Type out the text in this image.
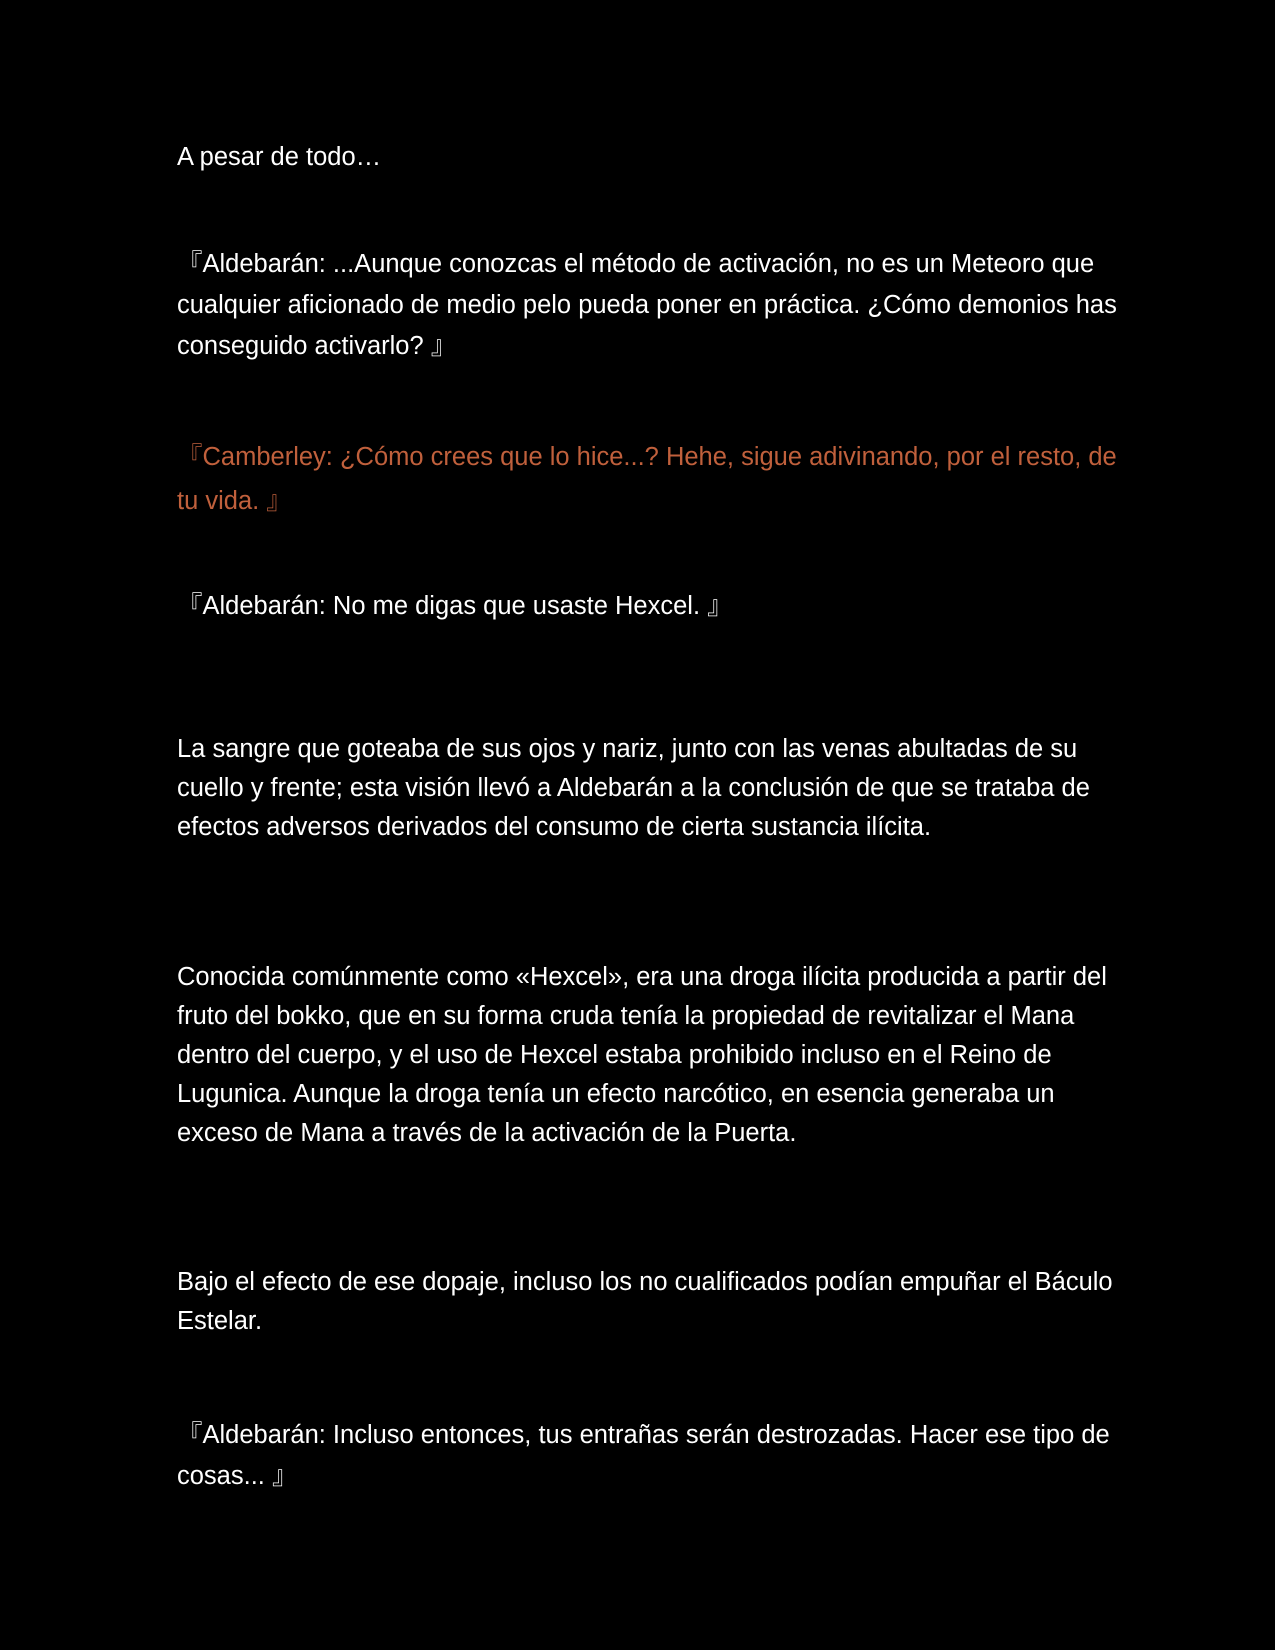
A pesar de todo…

『Aldebarán: ...Aunque conozcas el método de activación, no es un Meteoro que cualquier aficionado de medio pelo pueda poner en práctica. ¿Cómo demonios has conseguido activarlo? 』

『Camberley: ¿Cómo crees que lo hice...? Hehe, sigue adivinando, por el resto, de tu vida. 』

『Aldebarán: No me digas que usaste Hexcel. 』

La sangre que goteaba de sus ojos y nariz, junto con las venas abultadas de su cuello y frente; esta visión llevó a Aldebarán a la conclusión de que se trataba de efectos adversos derivados del consumo de cierta sustancia ilícita.

Conocida comúnmente como «Hexcel», era una droga ilícita producida a partir del fruto del bokko, que en su forma cruda tenía la propiedad de revitalizar el Mana dentro del cuerpo, y el uso de Hexcel estaba prohibido incluso en el Reino de Lugunica. Aunque la droga tenía un efecto narcótico, en esencia generaba un exceso de Mana a través de la activación de la Puerta.

Bajo el efecto de ese dopaje, incluso los no cualificados podían empuñar el Báculo Estelar.

『Aldebarán: Incluso entonces, tus entrañas serán destrozadas. Hacer ese tipo de cosas... 』
